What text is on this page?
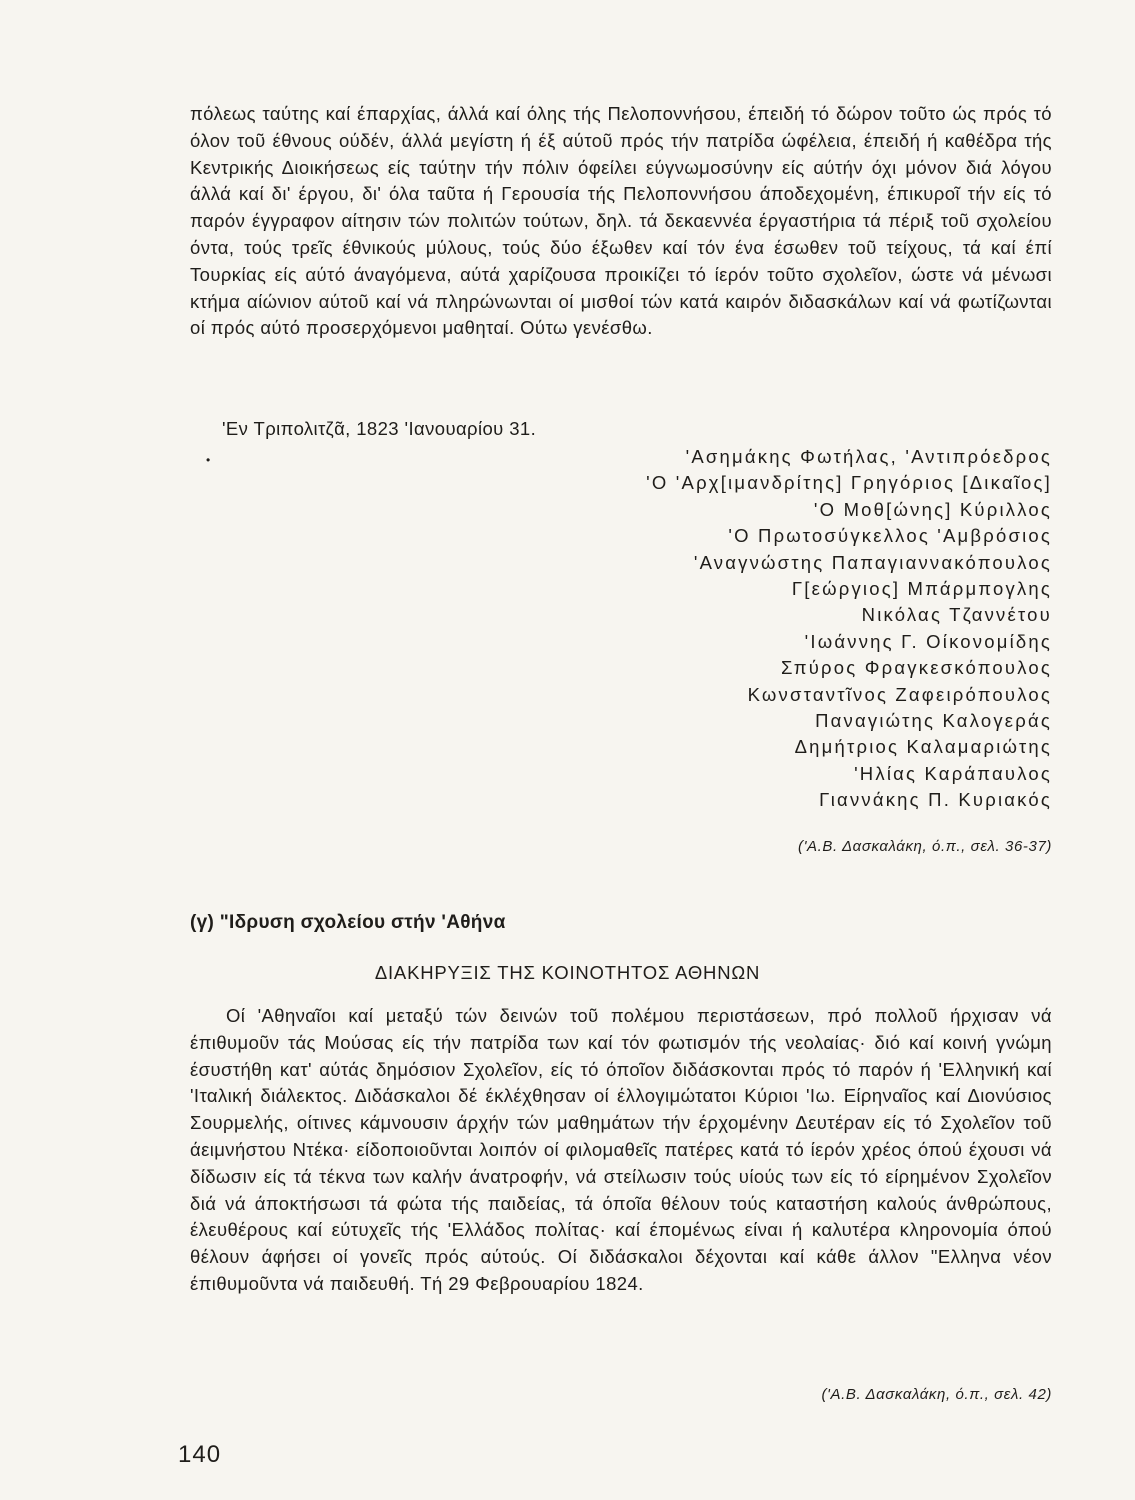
πόλεως ταύτης καί έπαρχίας, άλλά καί όλης τής Πελοποννήσου, έπειδή τό δώρον τοῦτο ώς πρός τό όλον τοῦ έθνους ούδέν, άλλά μεγίστη ή έξ αύτοῦ πρός τήν πατρίδα ώφέλεια, έπειδή ή καθέδρα τής Κεντρικής Διοικήσεως είς ταύτην τήν πόλιν όφείλει εύγνωμοσύνην είς αύτήν όχι μόνον διά λόγου άλλά καί δι' έργου, δι' όλα ταῦτα ή Γερουσία τής Πελοποννήσου άποδεχομένη, έπικυροῖ τήν είς τό παρόν έγγραφον αίτησιν τών πολιτών τούτων, δηλ. τά δεκαεννέα έργαστήρια τά πέριξ τοῦ σχολείου όντα, τούς τρεῖς έθνικούς μύλους, τούς δύο έξωθεν καί τόν ένα έσωθεν τοῦ τείχους, τά καί έπί Τουρκίας είς αύτό άναγόμενα, αύτά χαρίζουσα προικίζει τό ίερόν τοῦτο σχολεῖον, ώστε νά μένωσι κτήμα αίώνιον αύτοῦ καί νά πληρώνωνται οί μισθοί τών κατά καιρόν διδασκάλων καί νά φωτίζωνται οί πρός αύτό προσερχόμενοι μαθηταί. Ούτω γενέσθω.

'Εν Τριπολιτζᾶ, 1823 'Ιανουαρίου 31.

•	'Ασημάκης Φωτήλας, 'Αντιπρόεδρος
'Ο 'Αρχ[ιμανδρίτης] Γρηγόριος [Δικαῖος]
'Ο Μοθ[ώνης] Κύριλλος
'Ο Πρωτοσύγκελλος 'Αμβρόσιος
'Αναγνώστης Παπαγιαννακόπουλος
Γ[εώργιος] Μπάρμπογλης
Νικόλας Τζαννέτου
'Ιωάννης Γ. Οίκονομίδης
Σπύρος Φραγκεσκόπουλος
Κωνσταντῖνος Ζαφειρόπουλος
Παναγιώτης Καλογεράς
Δημήτριος Καλαμαριώτης
'Ηλίας Καράπαυλος
Γιαννάκης Π. Κυριακός

('Α.Β. Δασκαλάκη, ό.π., σελ. 36-37)

(γ) "Ιδρυση σχολείου στήν 'Αθήνα

ΔΙΑΚΗΡΥΞΙΣ ΤΗΣ ΚΟΙΝΟΤΗΤΟΣ ΑΘΗΝΩΝ

Οί 'Αθηναῖοι καί μεταξύ τών δεινών τοῦ πολέμου περιστάσεων, πρό πολλοῦ ήρχισαν νά έπιθυμοῦν τάς Μούσας είς τήν πατρίδα των καί τόν φωτισμόν τής νεολαίας· διό καί κοινή γνώμη έσυστήθη κατ' αύτάς δημόσιον Σχολεῖον, είς τό όποῖον διδάσκονται πρός τό παρόν ή 'Ελληνική καί 'Ιταλική διάλεκτος. Διδάσκαλοι δέ έκλέχθησαν οί έλλογιμώτατοι Κύριοι 'Ιω. Είρηναῖος καί Διονύσιος Σουρμελής, οίτινες κάμνουσιν άρχήν τών μαθημάτων τήν έρχομένην Δευτέραν είς τό Σχολεῖον τοῦ άειμνήστου Ντέκα· είδοποιοῦνται λοιπόν οί φιλομαθεῖς πατέρες κατά τό ίερόν χρέος όπού έχουσι νά δίδωσιν είς τά τέκνα των καλήν άνατροφήν, νά στείλωσιν τούς υίούς των είς τό είρημένον Σχολεῖον διά νά άποκτήσωσι τά φώτα τής παιδείας, τά όποῖα θέλουν τούς καταστήση καλούς άνθρώπους, έλευθέρους καί εύτυχεῖς τής 'Ελλάδος πολίτας· καί έπομένως είναι ή καλυτέρα κληρονομία όπού θέλουν άφήσει οί γονεῖς πρός αύτούς. Οί διδάσκαλοι δέχονται καί κάθε άλλον "Ελληνα νέον έπιθυμοῦντα νά παιδευθή. Τή 29 Φεβρουαρίου 1824.

('Α.Β. Δασκαλάκη, ό.π., σελ. 42)

140
